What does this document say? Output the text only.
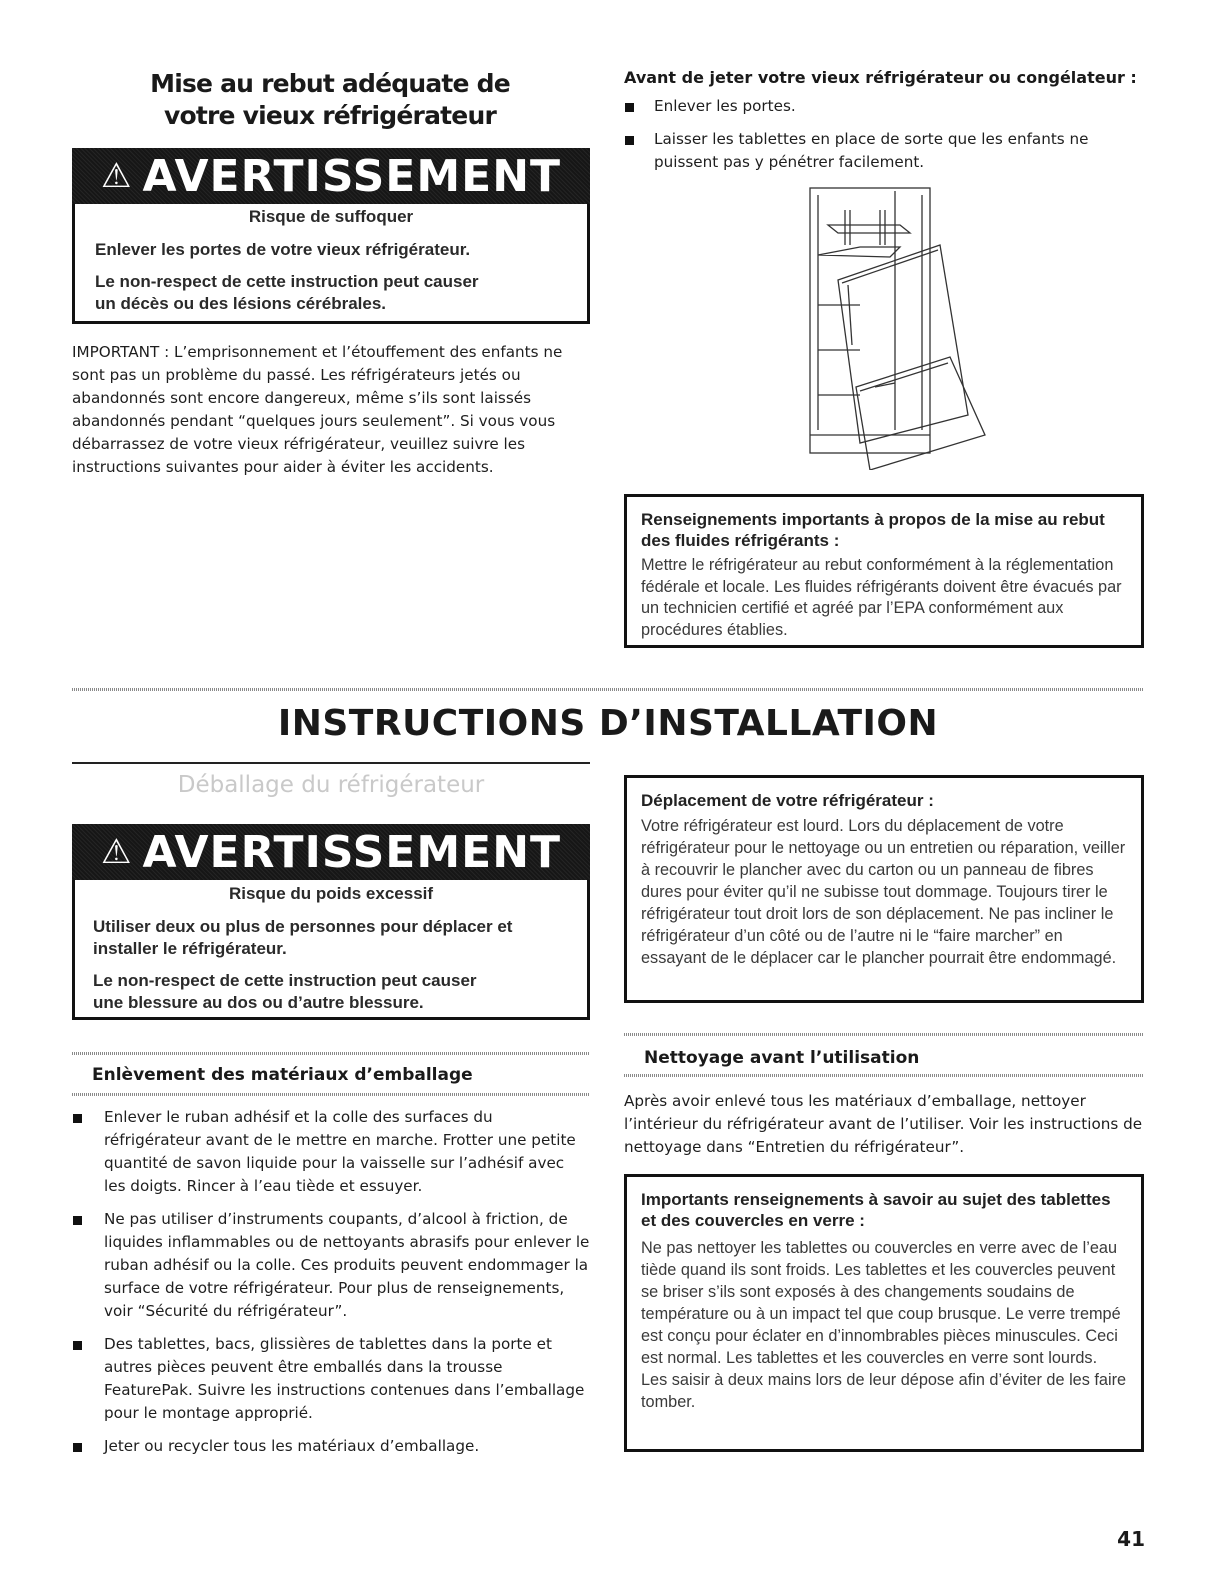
Mise au rebut adéquate de
votre vieux réfrigérateur
⚠ AVERTISSEMENT
Risque de suffoquer
Enlever les portes de votre vieux réfrigérateur.
Le non-respect de cette instruction peut causer
un décès ou des lésions cérébrales.
IMPORTANT : L’emprisonnement et l’étouffement des enfants ne sont pas un problème du passé. Les réfrigérateurs jetés ou abandonnés sont encore dangereux, même s’ils sont laissés abandonnés pendant “quelques jours seulement”. Si vous vous débarrassez de votre vieux réfrigérateur, veuillez suivre les instructions suivantes pour aider à éviter les accidents.
Avant de jeter votre vieux réfrigérateur ou congélateur :
Enlever les portes.
Laisser les tablettes en place de sorte que les enfants ne puissent pas y pénétrer facilement.
Renseignements importants à propos de la mise au rebut des fluides réfrigérants :
Mettre le réfrigérateur au rebut conformément à la réglementation fédérale et locale. Les fluides réfrigérants doivent être évacués par un technicien certifié et agréé par l’EPA conformément aux procédures établies.
INSTRUCTIONS D’INSTALLATION
Déballage du réfrigérateur
⚠ AVERTISSEMENT
Risque du poids excessif
Utiliser deux ou plus de personnes pour déplacer et
installer le réfrigérateur.
Le non-respect de cette instruction peut causer
une blessure au dos ou d’autre blessure.
Enlèvement des matériaux d’emballage
Enlever le ruban adhésif et la colle des surfaces du réfrigérateur avant de le mettre en marche. Frotter une petite quantité de savon liquide pour la vaisselle sur l’adhésif avec les doigts. Rincer à l’eau tiède et essuyer.
Ne pas utiliser d’instruments coupants, d’alcool à friction, de liquides inflammables ou de nettoyants abrasifs pour enlever le ruban adhésif ou la colle. Ces produits peuvent endommager la surface de votre réfrigérateur. Pour plus de renseignements, voir “Sécurité du réfrigérateur”.
Des tablettes, bacs, glissières de tablettes dans la porte et autres pièces peuvent être emballés dans la trousse FeaturePak. Suivre les instructions contenues dans l’emballage pour le montage approprié.
Jeter ou recycler tous les matériaux d’emballage.
Déplacement de votre réfrigérateur :
Votre réfrigérateur est lourd. Lors du déplacement de votre réfrigérateur pour le nettoyage ou un entretien ou réparation, veiller à recouvrir le plancher avec du carton ou un panneau de fibres dures pour éviter qu’il ne subisse tout dommage. Toujours tirer le réfrigérateur tout droit lors de son déplacement. Ne pas incliner le réfrigérateur d’un côté ou de l’autre ni le “faire marcher” en essayant de le déplacer car le plancher pourrait être endommagé.
Nettoyage avant l’utilisation
Après avoir enlevé tous les matériaux d’emballage, nettoyer l’intérieur du réfrigérateur avant de l’utiliser. Voir les instructions de nettoyage dans “Entretien du réfrigérateur”.
Importants renseignements à savoir au sujet des tablettes et des couvercles en verre :
Ne pas nettoyer les tablettes ou couvercles en verre avec de l’eau tiède quand ils sont froids. Les tablettes et les couvercles peuvent se briser s’ils sont exposés à des changements soudains de température ou à un impact tel que coup brusque. Le verre trempé est conçu pour éclater en d’innombrables pièces minuscules. Ceci est normal. Les tablettes et les couvercles en verre sont lourds. Les saisir à deux mains lors de leur dépose afin d’éviter de les faire tomber.
41
